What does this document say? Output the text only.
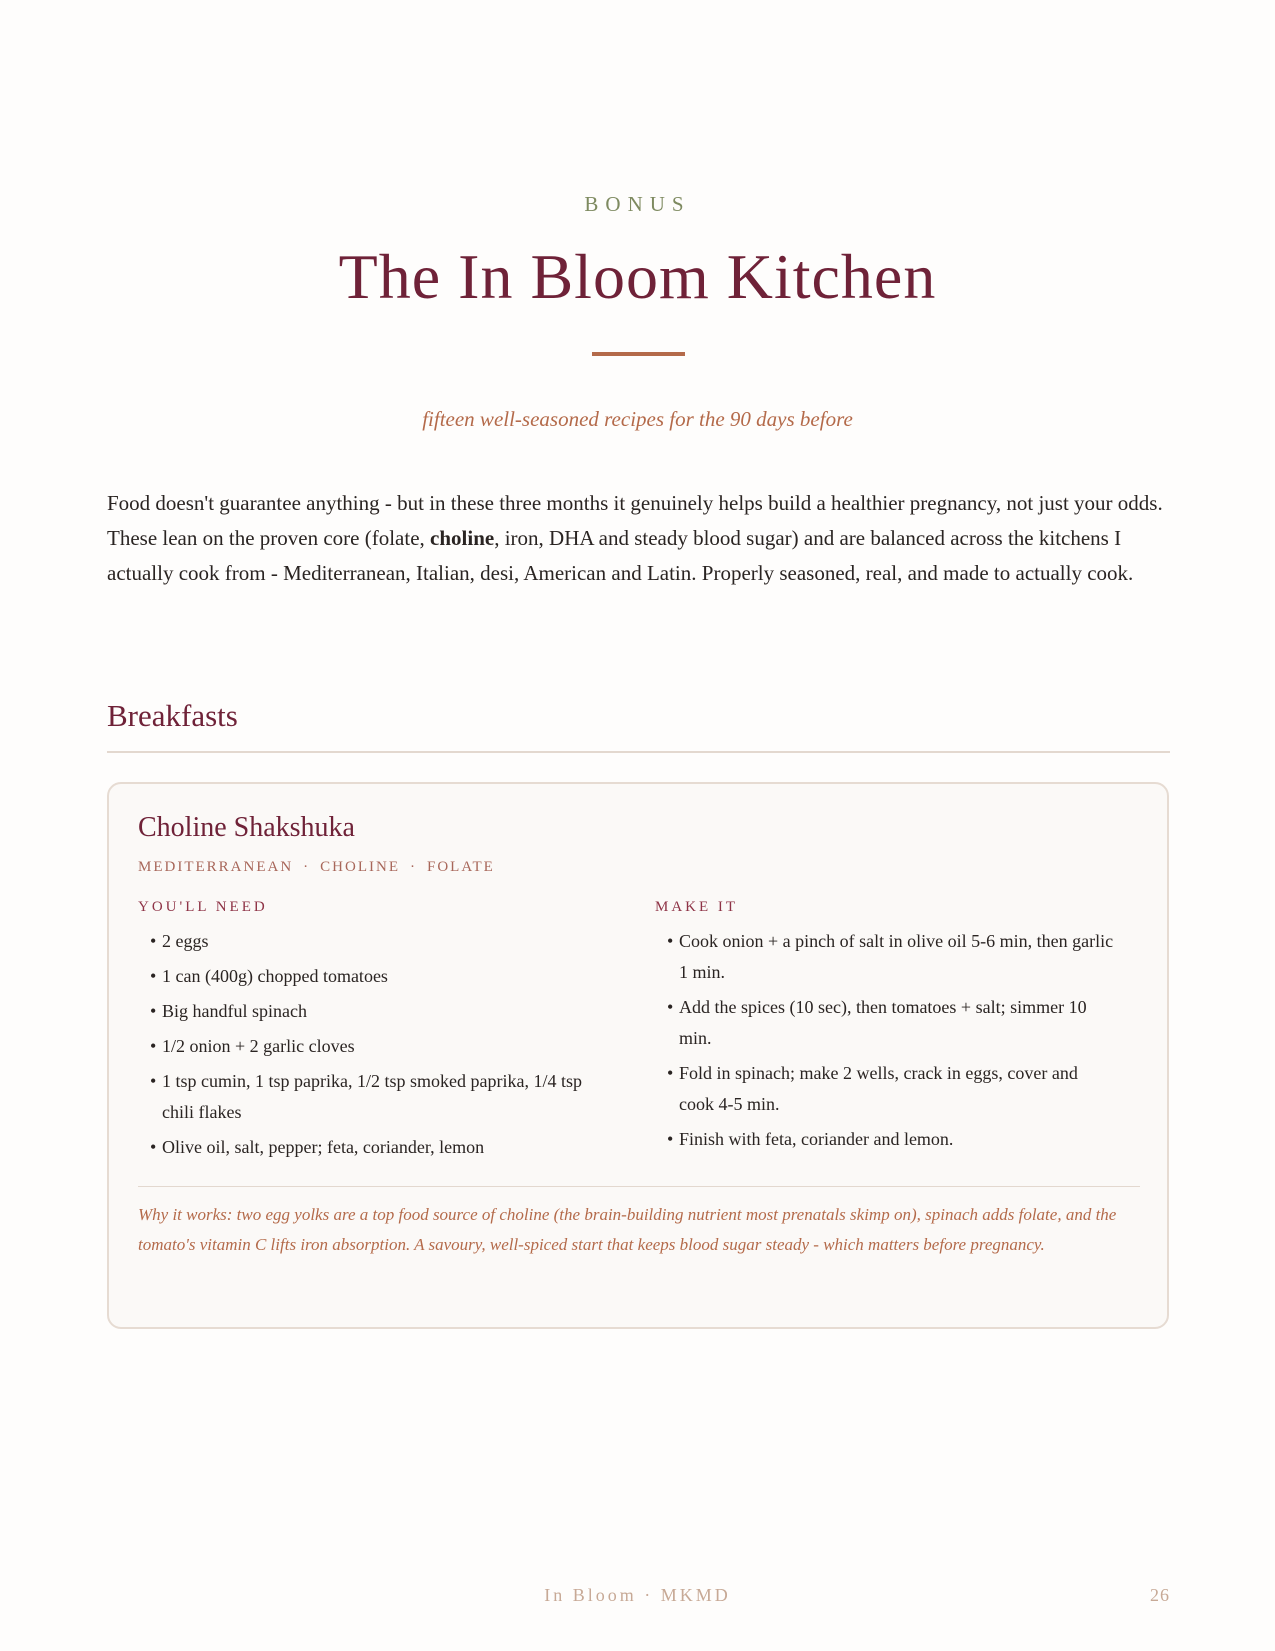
BONUS
The In Bloom Kitchen
fifteen well-seasoned recipes for the 90 days before

Food doesn't guarantee anything - but in these three months it genuinely helps build a healthier pregnancy, not just your odds. These lean on the proven core (folate, choline, iron, DHA and steady blood sugar) and are balanced across the kitchens I actually cook from - Mediterranean, Italian, desi, American and Latin. Properly seasoned, real, and made to actually cook.

Breakfasts
Choline Shakshuka
MEDITERRANEAN · CHOLINE · FOLATE
YOU'LL NEED	MAKE IT
• 2 eggs
• 1 can (400g) chopped tomatoes
• Big handful spinach
• 1/2 onion + 2 garlic cloves
• 1 tsp cumin, 1 tsp paprika, 1/2 tsp smoked paprika, 1/4 tsp chili flakes
• Olive oil, salt, pepper; feta, coriander, lemon
• Cook onion + a pinch of salt in olive oil 5-6 min, then garlic 1 min.
• Add the spices (10 sec), then tomatoes + salt; simmer 10 min.
• Fold in spinach; make 2 wells, crack in eggs, cover and cook 4-5 min.
• Finish with feta, coriander and lemon.
Why it works: two egg yolks are a top food source of choline (the brain-building nutrient most prenatals skimp on), spinach adds folate, and the tomato's vitamin C lifts iron absorption. A savoury, well-spiced start that keeps blood sugar steady - which matters before pregnancy.
In Bloom · MKMD	26
